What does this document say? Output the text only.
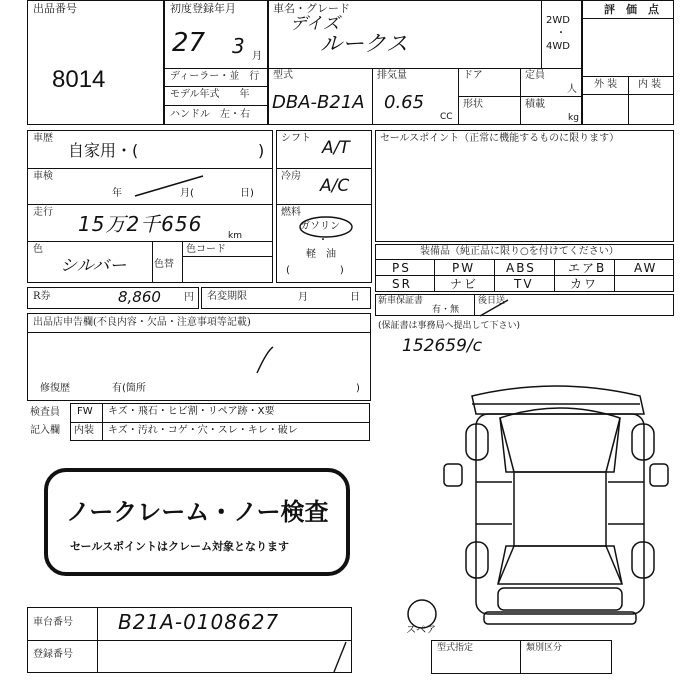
出品番号
8014
初度登録年月
27 3 月
ディーラー・並　行
モデル年式　　年
ハンドル　左・右
車名・グレード
デイズ
ルークス
2WD
・
4WD
型式
DBA-B21A
排気量
0.65
CC
ドア
形状
定員
人
積載
kg
評　価　点
外 装 内 装
車歴
自家用・(	)
車検
年	月(	日)
走行 15万2千656	km
色
シルバー	色替
色コード
シフト A/T
冷房 A/C
燃料
ガソリン
・
軽　油
(　　　　　)
セールスポイント（正常に機能するものに限ります）
装備品（純正品に限り○を付けてください）
PS	PW	ABS	エアB AW
SR	ナビ	TV	カワ
新車保証書
有・無
後日送
(保証書は事務局へ提出して下さい)
152659/c
R券	8,860 円 名変期限	月	日
出品店申告欄(不良内容・欠品・注意事項等記載)
修復歴	有(箇所	)
検査員
記入欄
FW キズ・飛石・ヒビ割・リペア跡・X要
内装 キズ・汚れ・コゲ・穴・スレ・キレ・破レ
ノークレーム・ノー検査
セールスポイントはクレーム対象となります
車台番号 B21A-0108627
登録番号
スペア
型式指定	類別区分
